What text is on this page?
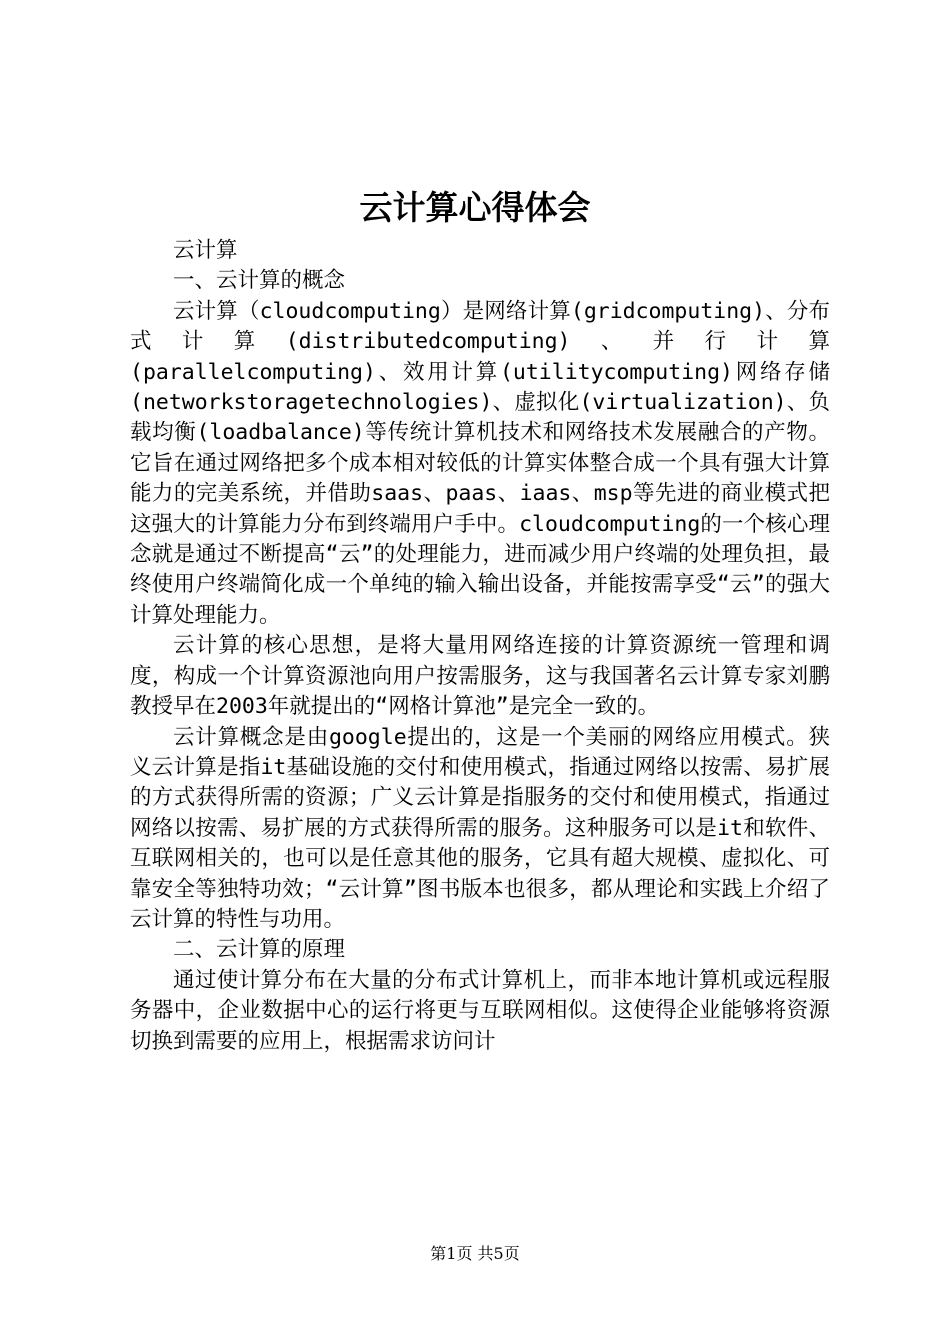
云计算心得体会

云计算

一、云计算的概念

云计算（cloudcomputing）是网络计算(gridcomputing)、分布式计算(distributedcomputing)、并行计算(parallelcomputing)、效用计算(utilitycomputing)网络存储(networkstoragetechnologies)、虚拟化(virtualization)、负载均衡(loadbalance)等传统计算机技术和网络技术发展融合的产物。它旨在通过网络把多个成本相对较低的计算实体整合成一个具有强大计算能力的完美系统，并借助saas、paas、iaas、msp等先进的商业模式把这强大的计算能力分布到终端用户手中。cloudcomputing的一个核心理念就是通过不断提高“云”的处理能力，进而减少用户终端的处理负担，最终使用户终端简化成一个单纯的输入输出设备，并能按需享受“云”的强大计算处理能力。

云计算的核心思想，是将大量用网络连接的计算资源统一管理和调度，构成一个计算资源池向用户按需服务，这与我国著名云计算专家刘鹏教授早在2003年就提出的“网格计算池”是完全一致的。

云计算概念是由google提出的，这是一个美丽的网络应用模式。狭义云计算是指it基础设施的交付和使用模式，指通过网络以按需、易扩展的方式获得所需的资源；广义云计算是指服务的交付和使用模式，指通过网络以按需、易扩展的方式获得所需的服务。这种服务可以是it和软件、互联网相关的，也可以是任意其他的服务，它具有超大规模、虚拟化、可靠安全等独特功效；“云计算”图书版本也很多，都从理论和实践上介绍了云计算的特性与功用。

二、云计算的原理

通过使计算分布在大量的分布式计算机上，而非本地计算机或远程服务器中，企业数据中心的运行将更与互联网相似。这使得企业能够将资源切换到需要的应用上，根据需求访问计

第1页 共5页
